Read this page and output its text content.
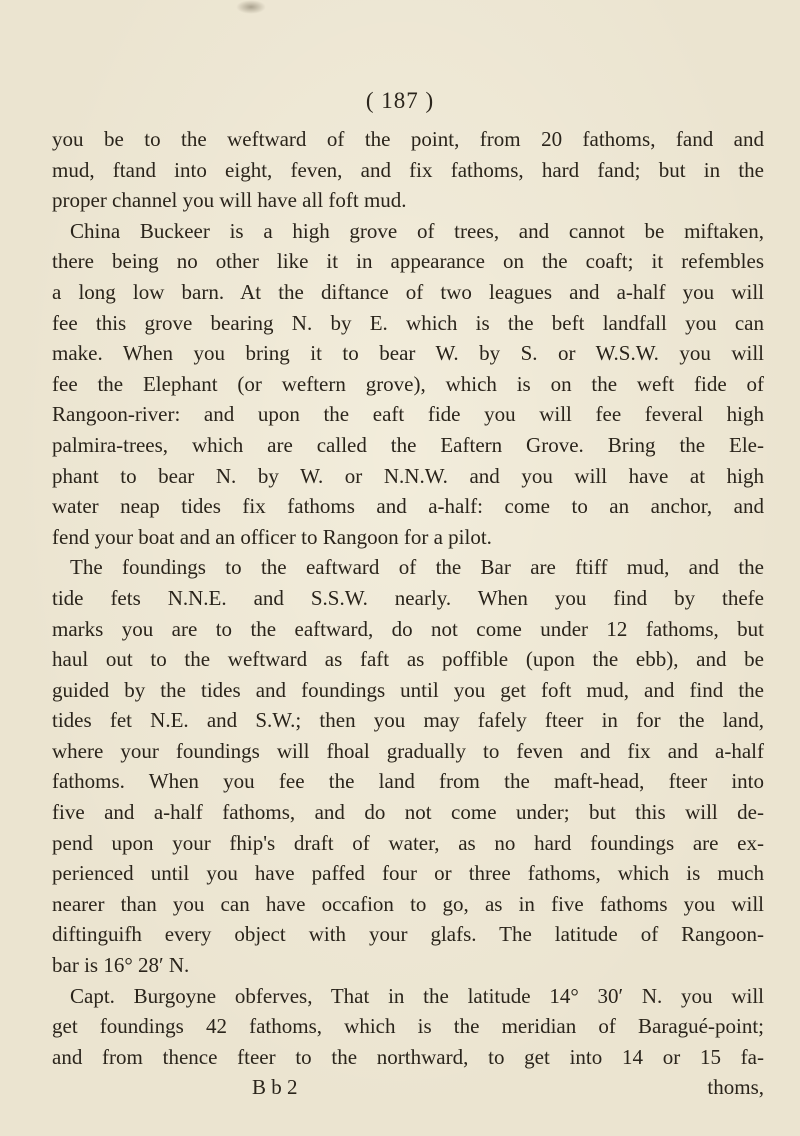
( 187 )
you be to the weftward of the point, from 20 fathoms, fand and
mud, ftand into eight, feven, and fix fathoms, hard fand; but in the
proper channel you will have all foft mud.
China Buckeer is a high grove of trees, and cannot be miftaken,
there being no other like it in appearance on the coaft; it refembles
a long low barn. At the diftance of two leagues and a-half you will
fee this grove bearing N. by E. which is the beft landfall you can
make. When you bring it to bear W. by S. or W.S.W. you will
fee the Elephant (or weftern grove), which is on the weft fide of
Rangoon-river: and upon the eaft fide you will fee feveral high
palmira-trees, which are called the Eaftern Grove. Bring the Ele-
phant to bear N. by W. or N.N.W. and you will have at high
water neap tides fix fathoms and a-half: come to an anchor, and
fend your boat and an officer to Rangoon for a pilot.
The foundings to the eaftward of the Bar are ftiff mud, and the
tide fets N.N.E. and S.S.W. nearly. When you find by thefe
marks you are to the eaftward, do not come under 12 fathoms, but
haul out to the weftward as faft as poffible (upon the ebb), and be
guided by the tides and foundings until you get foft mud, and find the
tides fet N.E. and S.W.; then you may fafely fteer in for the land,
where your foundings will fhoal gradually to feven and fix and a-half
fathoms. When you fee the land from the maft-head, fteer into
five and a-half fathoms, and do not come under; but this will de-
pend upon your fhip's draft of water, as no hard foundings are ex-
perienced until you have paffed four or three fathoms, which is much
nearer than you can have occafion to go, as in five fathoms you will
diftinguifh every object with your glafs. The latitude of Rangoon-
bar is 16° 28′ N.
Capt. Burgoyne obferves, That in the latitude 14° 30′ N. you will
get foundings 42 fathoms, which is the meridian of Baragué-point;
and from thence fteer to the northward, to get into 14 or 15 fa-
B b 2	thoms,
